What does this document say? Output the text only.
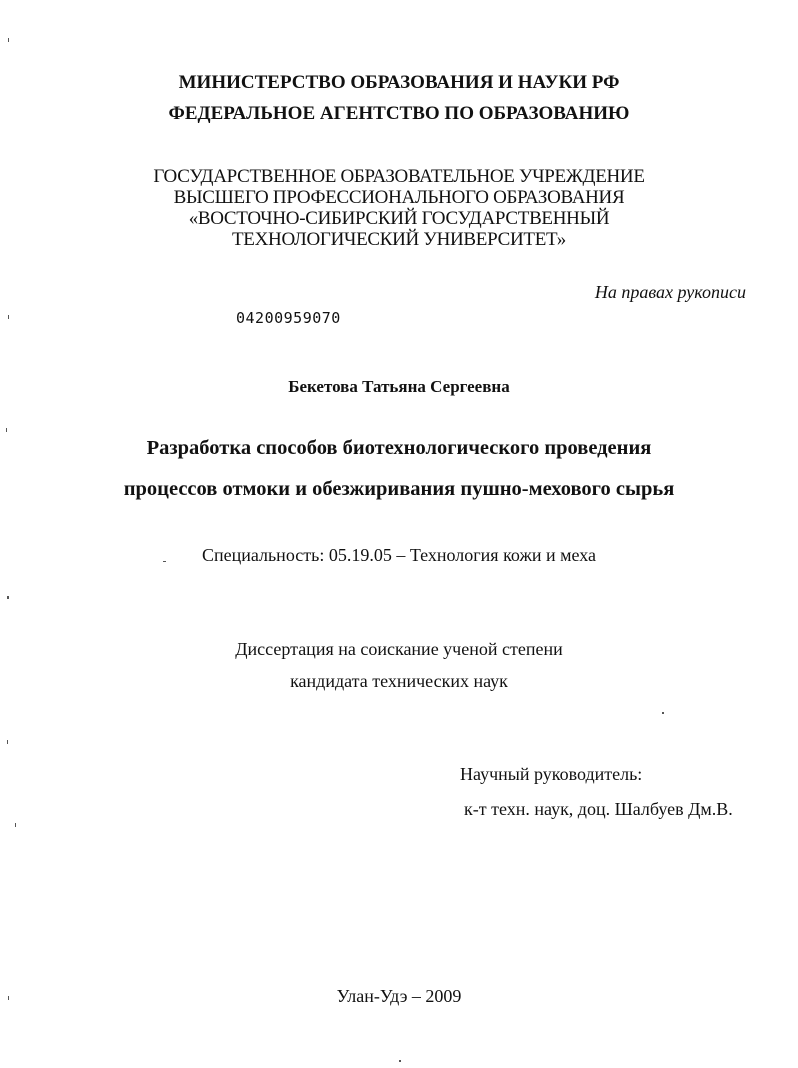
МИНИСТЕРСТВО ОБРАЗОВАНИЯ И НАУКИ РФ
ФЕДЕРАЛЬНОЕ АГЕНТСТВО ПО ОБРАЗОВАНИЮ
ГОСУДАРСТВЕННОЕ ОБРАЗОВАТЕЛЬНОЕ УЧРЕЖДЕНИЕ
ВЫСШЕГО ПРОФЕССИОНАЛЬНОГО ОБРАЗОВАНИЯ
«ВОСТОЧНО-СИБИРСКИЙ ГОСУДАРСТВЕННЫЙ
ТЕХНОЛОГИЧЕСКИЙ УНИВЕРСИТЕТ»
На правах рукописи
04200959070
Бекетова Татьяна Сергеевна
Разработка способов биотехнологического проведения
процессов отмоки и обезжиривания пушно-мехового сырья
Специальность: 05.19.05 – Технология кожи и меха
Диссертация на соискание ученой степени
кандидата технических наук
Научный руководитель:
к-т техн. наук, доц. Шалбуев Дм.В.
Улан-Удэ – 2009
